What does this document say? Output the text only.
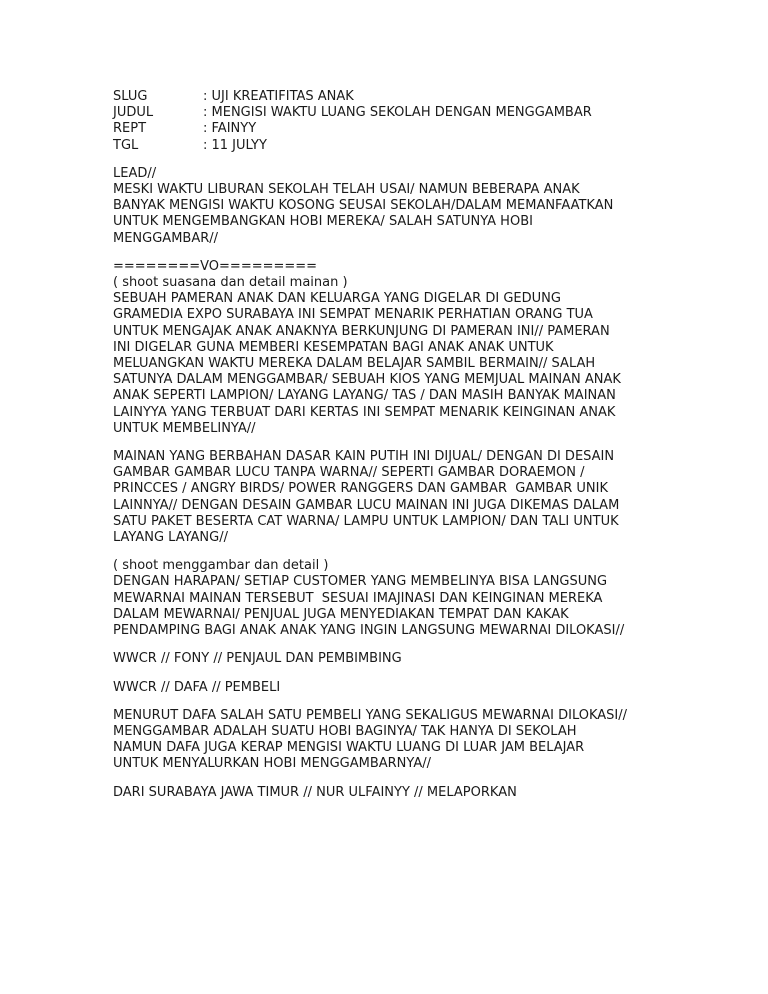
SLUG	: UJI KREATIFITAS ANAK
JUDUL	: MENGISI WAKTU LUANG SEKOLAH DENGAN MENGGAMBAR
REPT	: FAINYY
TGL	: 11 JULYY
LEAD//
MESKI WAKTU LIBURAN SEKOLAH TELAH USAI/ NAMUN BEBERAPA ANAK
BANYAK MENGISI WAKTU KOSONG SEUSAI SEKOLAH/DALAM MEMANFAATKAN
UNTUK MENGEMBANGKAN HOBI MEREKA/ SALAH SATUNYA HOBI
MENGGAMBAR//
========VO=========
( shoot suasana dan detail mainan )
SEBUAH PAMERAN ANAK DAN KELUARGA YANG DIGELAR DI GEDUNG
GRAMEDIA EXPO SURABAYA INI SEMPAT MENARIK PERHATIAN ORANG TUA
UNTUK MENGAJAK ANAK ANAKNYA BERKUNJUNG DI PAMERAN INI// PAMERAN
INI DIGELAR GUNA MEMBERI KESEMPATAN BAGI ANAK ANAK UNTUK
MELUANGKAN WAKTU MEREKA DALAM BELAJAR SAMBIL BERMAIN// SALAH
SATUNYA DALAM MENGGAMBAR/ SEBUAH KIOS YANG MEMJUAL MAINAN ANAK
ANAK SEPERTI LAMPION/ LAYANG LAYANG/ TAS / DAN MASIH BANYAK MAINAN
LAINYYA YANG TERBUAT DARI KERTAS INI SEMPAT MENARIK KEINGINAN ANAK
UNTUK MEMBELINYA//
MAINAN YANG BERBAHAN DASAR KAIN PUTIH INI DIJUAL/ DENGAN DI DESAIN
GAMBAR GAMBAR LUCU TANPA WARNA// SEPERTI GAMBAR DORAEMON /
PRINCCES / ANGRY BIRDS/ POWER RANGGERS DAN GAMBAR  GAMBAR UNIK
LAINNYA// DENGAN DESAIN GAMBAR LUCU MAINAN INI JUGA DIKEMAS DALAM
SATU PAKET BESERTA CAT WARNA/ LAMPU UNTUK LAMPION/ DAN TALI UNTUK
LAYANG LAYANG//
( shoot menggambar dan detail )
DENGAN HARAPAN/ SETIAP CUSTOMER YANG MEMBELINYA BISA LANGSUNG
MEWARNAI MAINAN TERSEBUT  SESUAI IMAJINASI DAN KEINGINAN MEREKA
DALAM MEWARNAI/ PENJUAL JUGA MENYEDIAKAN TEMPAT DAN KAKAK
PENDAMPING BAGI ANAK ANAK YANG INGIN LANGSUNG MEWARNAI DILOKASI//
WWCR // FONY // PENJAUL DAN PEMBIMBING
WWCR // DAFA // PEMBELI
MENURUT DAFA SALAH SATU PEMBELI YANG SEKALIGUS MEWARNAI DILOKASI//
MENGGAMBAR ADALAH SUATU HOBI BAGINYA/ TAK HANYA DI SEKOLAH
NAMUN DAFA JUGA KERAP MENGISI WAKTU LUANG DI LUAR JAM BELAJAR
UNTUK MENYALURKAN HOBI MENGGAMBARNYA//
DARI SURABAYA JAWA TIMUR // NUR ULFAINYY // MELAPORKAN
